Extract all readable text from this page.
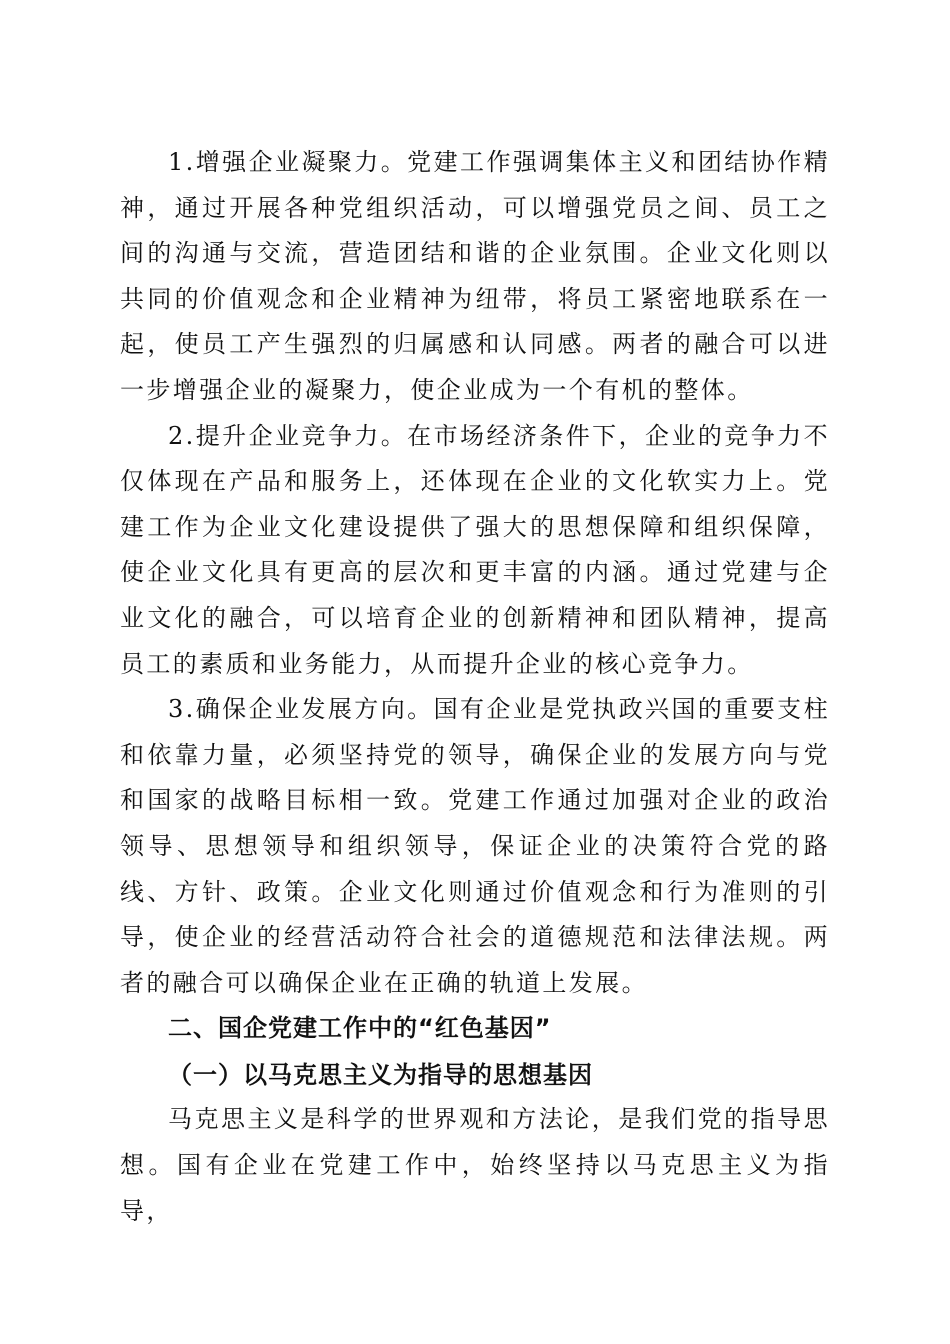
1.增强企业凝聚力。党建工作强调集体主义和团结协作精神，通过开展各种党组织活动，可以增强党员之间、员工之间的沟通与交流，营造团结和谐的企业氛围。企业文化则以共同的价值观念和企业精神为纽带，将员工紧密地联系在一起，使员工产生强烈的归属感和认同感。两者的融合可以进一步增强企业的凝聚力，使企业成为一个有机的整体。

2.提升企业竞争力。在市场经济条件下，企业的竞争力不仅体现在产品和服务上，还体现在企业的文化软实力上。党建工作为企业文化建设提供了强大的思想保障和组织保障，使企业文化具有更高的层次和更丰富的内涵。通过党建与企业文化的融合，可以培育企业的创新精神和团队精神，提高员工的素质和业务能力，从而提升企业的核心竞争力。

3.确保企业发展方向。国有企业是党执政兴国的重要支柱和依靠力量，必须坚持党的领导，确保企业的发展方向与党和国家的战略目标相一致。党建工作通过加强对企业的政治领导、思想领导和组织领导，保证企业的决策符合党的路线、方针、政策。企业文化则通过价值观念和行为准则的引导，使企业的经营活动符合社会的道德规范和法律法规。两者的融合可以确保企业在正确的轨道上发展。

二、国企党建工作中的“红色基因”

（一）以马克思主义为指导的思想基因

马克思主义是科学的世界观和方法论，是我们党的指导思想。国有企业在党建工作中，始终坚持以马克思主义为指导，
